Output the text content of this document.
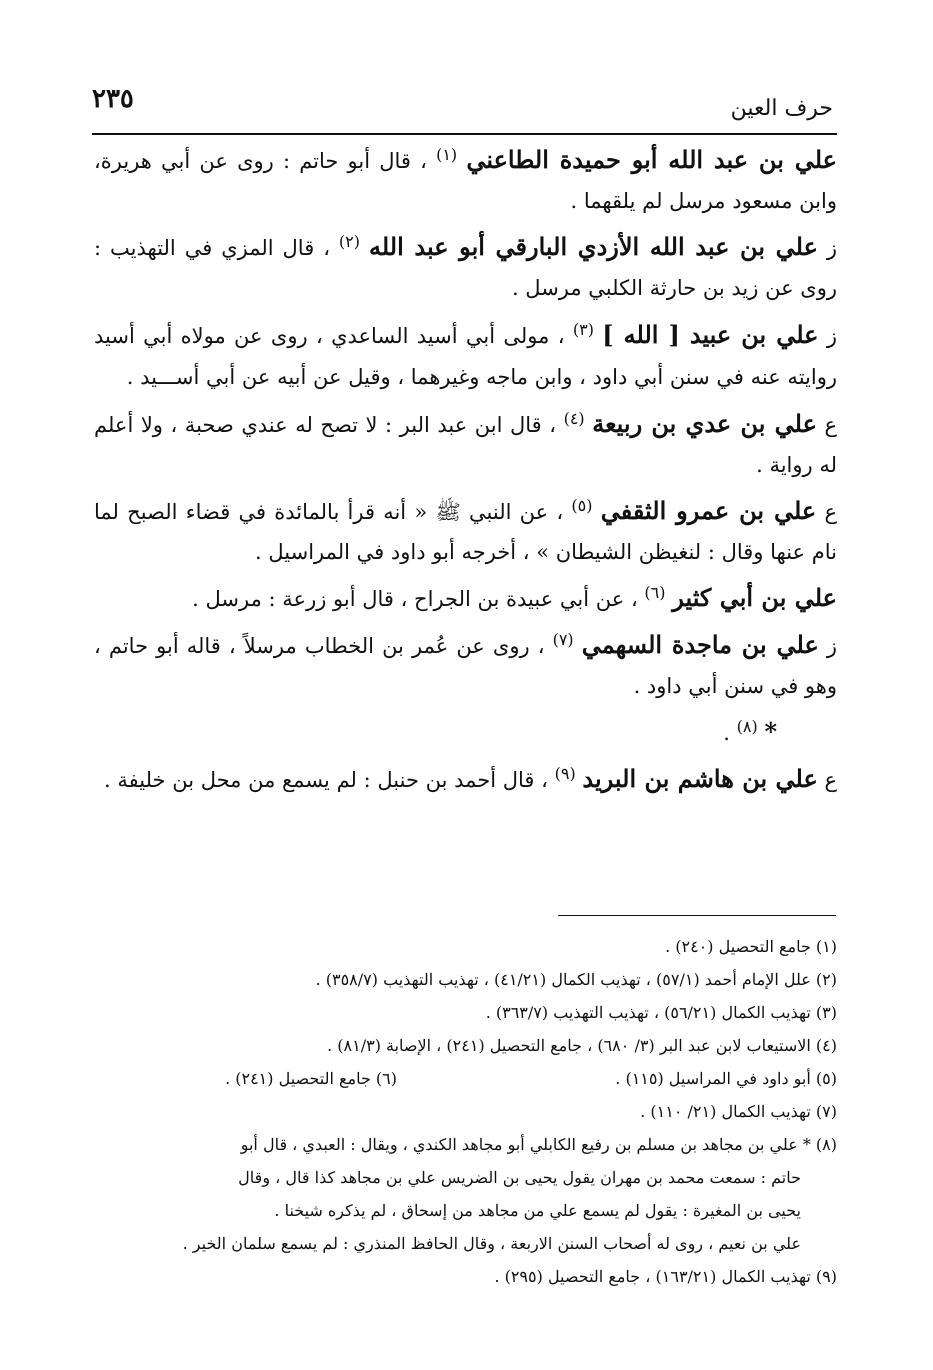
٢٣٥	حرف العين

علي بن عبد الله أبو حميدة الطاعني $^{(١)}$ ، قال أبو حاتم : روى عن أبي هريرة، وابن مسعود مرسل لم يلقهما .

ز علي بن عبد الله الأزدي البارقي أبو عبد الله $^{(٢)}$ ، قال المزي في التهذيب : روى عن زيد بن حارثة الكلبي مرسل .

ز علي بن عبيد [ الله ] $^{(٣)}$ ، مولى أبي أسيد الساعدي ، روى عن مولاه أبي أسيد روايته عنه في سنن أبي داود ، وابن ماجه وغيرهما ، وقيل عن أبيه عن أبي أســـيد .

ع علي بن عدي بن ربيعة $^{(٤)}$ ، قال ابن عبد البر : لا تصح له عندي صحبة ، ولا أعلم له رواية .

ع علي بن عمرو الثقفي $^{(٥)}$ ، عن النبي ﷺ « أنه قرأ بالمائدة في قضاء الصبح لما نام عنها وقال : لنغيظن الشيطان » ، أخرجه أبو داود في المراسيل .

علي بن أبي كثير $^{(٦)}$ ، عن أبي عبيدة بن الجراح ، قال أبو زرعة : مرسل .

ز علي بن ماجدة السهمي $^{(٧)}$ ، روى عن عُمر بن الخطاب مرسلاً ، قاله أبو حاتم ، وهو في سنن أبي داود .

* $^{(٨)}$ .

ع علي بن هاشم بن البريد $^{(٩)}$ ، قال أحمد بن حنبل : لم يسمع من محل بن خليفة .

(١) جامع التحصيل (٢٤٠) .
(٢) علل الإمام أحمد (٥٧/١) ، تهذيب الكمال (٤١/٢١) ، تهذيب التهذيب (٣٥٨/٧) .
(٣) تهذيب الكمال (٥٦/٢١) ، تهذيب التهذيب (٣٦٣/٧) .
(٤) الاستيعاب لابن عبد البر (٣/ ٦٨٠) ، جامع التحصيل (٢٤١) ، الإصابة (٨١/٣) .
(٥) أبو داود في المراسيل (١١٥) .
(٦) جامع التحصيل (٢٤١) .
(٧) تهذيب الكمال (٢١/ ١١٠) .
(٨) * علي بن مجاهد بن مسلم بن رفيع الكابلي أبو مجاهد الكندي ، ويقال : العبدي ، قال أبو
حاتم : سمعت محمد بن مهران يقول يحيى بن الضريس علي بن مجاهد كذا قال ، وقال
يحيى بن المغيرة : يقول لم يسمع علي من مجاهد من إسحاق ، لم يذكره شيخنا .
علي بن نعيم ، روى له أصحاب السنن الاربعة ، وقال الحافظ المنذري : لم يسمع سلمان الخير .
(٩) تهذيب الكمال (١٦٣/٢١) ، جامع التحصيل (٢٩٥) .
